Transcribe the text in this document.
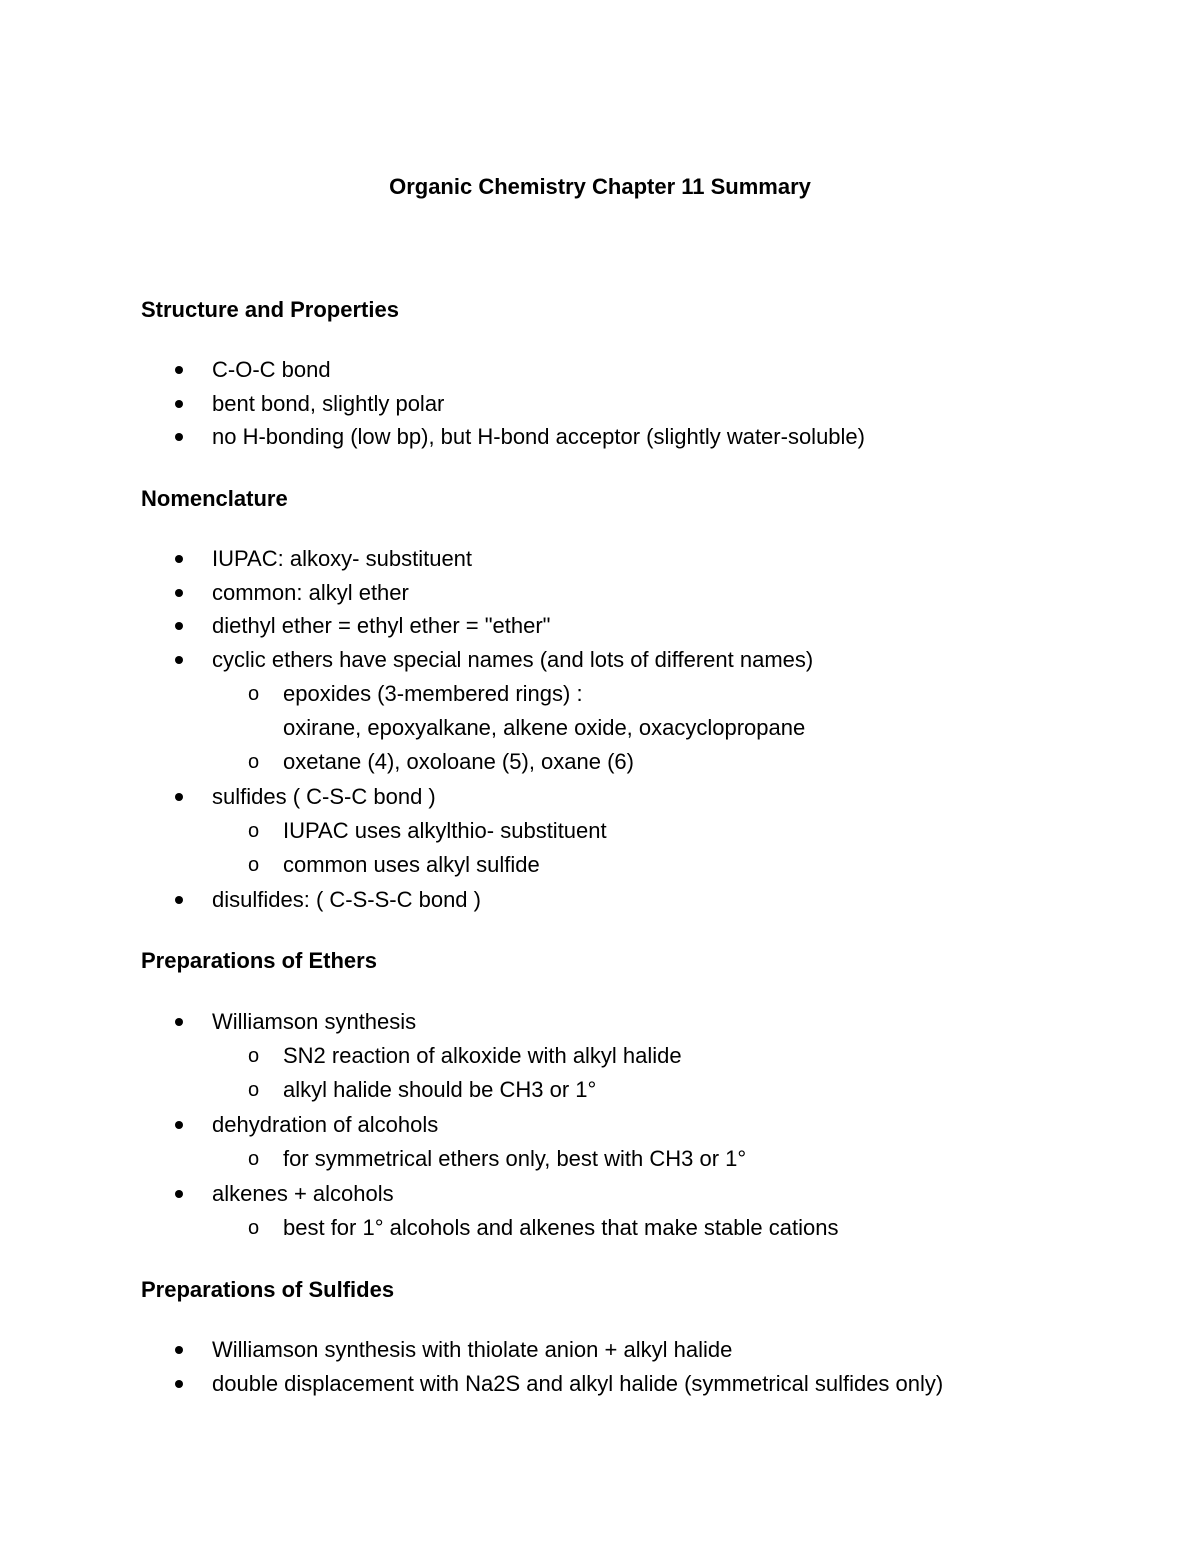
Organic Chemistry Chapter 11 Summary
Structure and Properties
C-O-C bond
bent bond, slightly polar
no H-bonding (low bp), but H-bond acceptor (slightly water-soluble)
Nomenclature
IUPAC: alkoxy- substituent
common: alkyl ether
diethyl ether = ethyl ether = "ether"
cyclic ethers have special names (and lots of different names)
o epoxides (3-membered rings) :
oxirane, epoxyalkane, alkene oxide, oxacyclopropane
o oxetane (4), oxoloane (5), oxane (6)
sulfides ( C-S-C bond )
o IUPAC uses alkylthio- substituent
o common uses alkyl sulfide
disulfides: ( C-S-S-C bond )
Preparations of Ethers
Williamson synthesis
o SN2 reaction of alkoxide with alkyl halide
o alkyl halide should be CH3 or 1°
dehydration of alcohols
o for symmetrical ethers only, best with CH3 or 1°
alkenes + alcohols
o best for 1° alcohols and alkenes that make stable cations
Preparations of Sulfides
Williamson synthesis with thiolate anion + alkyl halide
double displacement with Na2S and alkyl halide (symmetrical sulfides only)
